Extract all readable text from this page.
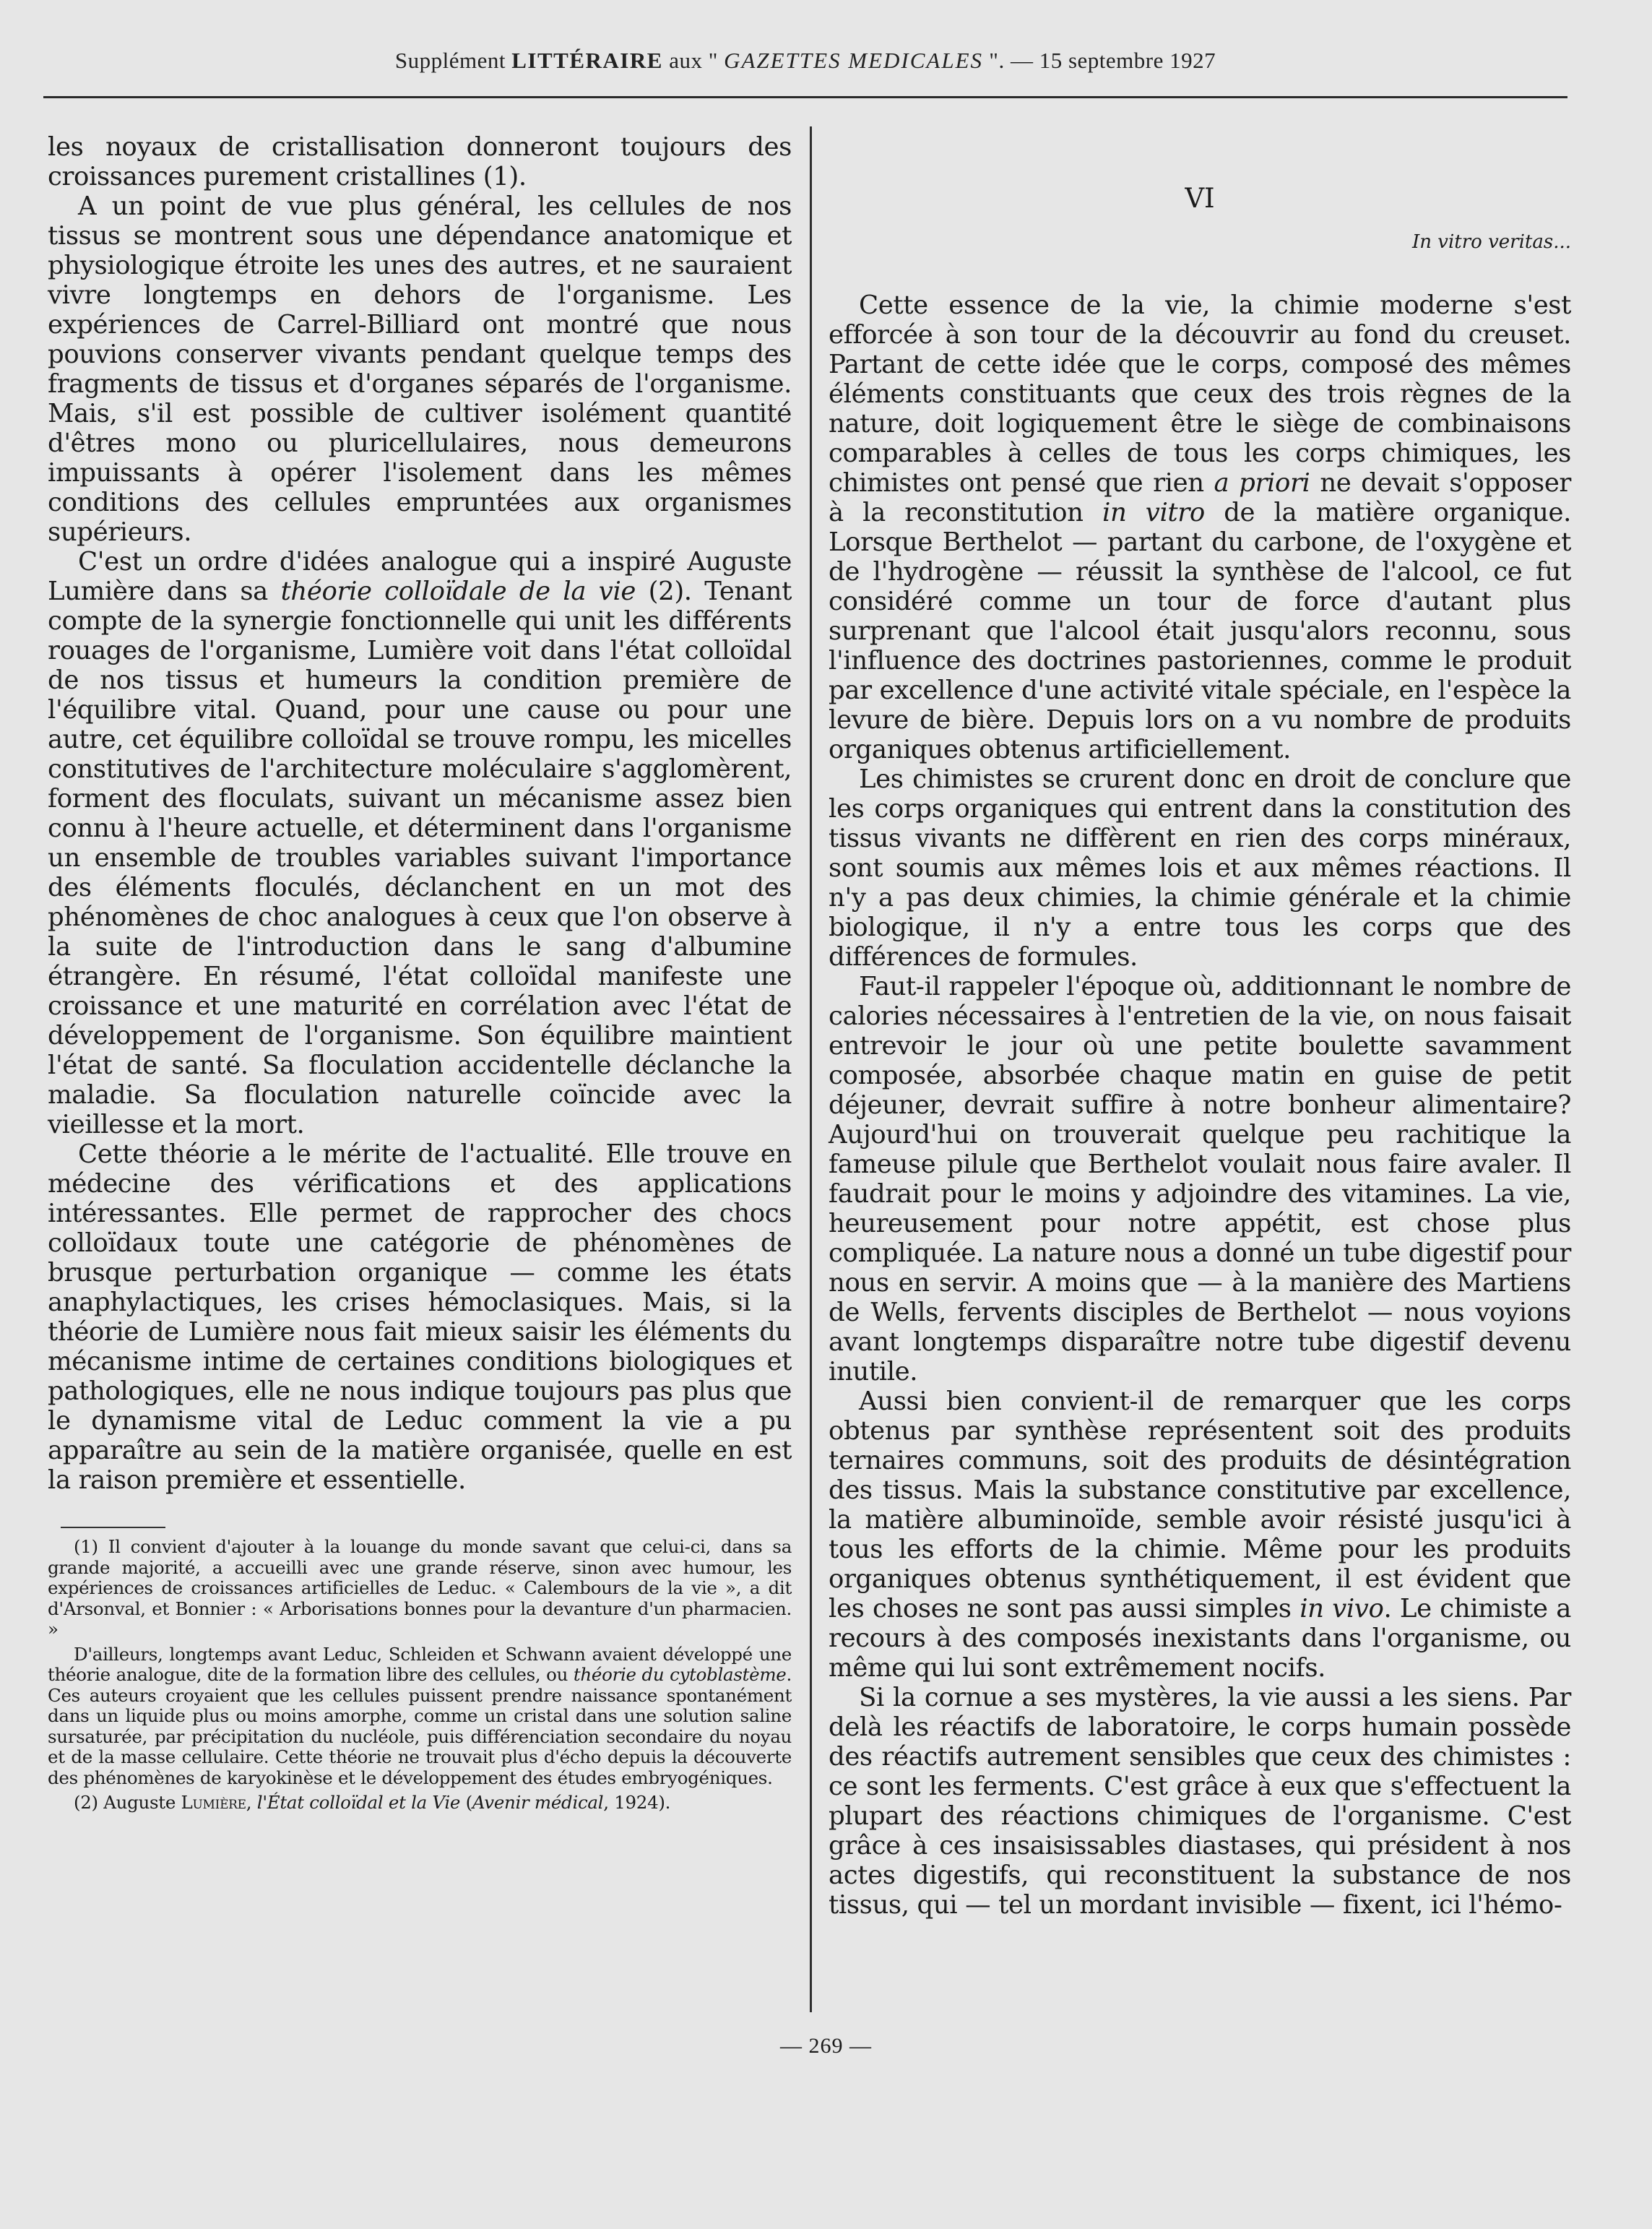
Supplément LITTÉRAIRE aux " GAZETTES MEDICALES ". — 15 septembre 1927

les noyaux de cristallisation donneront toujours des croissances purement cristallines (1).

A un point de vue plus général, les cellules de nos tissus se montrent sous une dépendance anatomique et physiologique étroite les unes des autres, et ne sauraient vivre longtemps en dehors de l'organisme. Les expériences de Carrel-Billiard ont montré que nous pouvions conserver vivants pendant quelque temps des fragments de tissus et d'organes séparés de l'organisme. Mais, s'il est possible de cultiver isolément quantité d'êtres mono ou pluricellulaires, nous demeurons impuissants à opérer l'isolement dans les mêmes conditions des cellules empruntées aux organismes supérieurs.

C'est un ordre d'idées analogue qui a inspiré Auguste Lumière dans sa théorie colloïdale de la vie (2). Tenant compte de la synergie fonctionnelle qui unit les différents rouages de l'organisme, Lumière voit dans l'état colloïdal de nos tissus et humeurs la condition première de l'équilibre vital. Quand, pour une cause ou pour une autre, cet équilibre colloïdal se trouve rompu, les micelles constitutives de l'architecture moléculaire s'agglomèrent, forment des floculats, suivant un mécanisme assez bien connu à l'heure actuelle, et déterminent dans l'organisme un ensemble de troubles variables suivant l'importance des éléments floculés, déclanchent en un mot des phénomènes de choc analogues à ceux que l'on observe à la suite de l'introduction dans le sang d'albumine étrangère. En résumé, l'état colloïdal manifeste une croissance et une maturité en corrélation avec l'état de développement de l'organisme. Son équilibre maintient l'état de santé. Sa floculation accidentelle déclanche la maladie. Sa floculation naturelle coïncide avec la vieillesse et la mort.

Cette théorie a le mérite de l'actualité. Elle trouve en médecine des vérifications et des applications intéressantes. Elle permet de rapprocher des chocs colloïdaux toute une catégorie de phénomènes de brusque perturbation organique — comme les états anaphylactiques, les crises hémoclasiques. Mais, si la théorie de Lumière nous fait mieux saisir les éléments du mécanisme intime de certaines conditions biologiques et pathologiques, elle ne nous indique toujours pas plus que le dynamisme vital de Leduc comment la vie a pu apparaître au sein de la matière organisée, quelle en est la raison première et essentielle.

(1) Il convient d'ajouter à la louange du monde savant que celui-ci, dans sa grande majorité, a accueilli avec une grande réserve, sinon avec humour, les expériences de croissances artificielles de Leduc. « Calembours de la vie », a dit d'Arsonval, et Bonnier : « Arborisations bonnes pour la devanture d'un pharmacien. »

D'ailleurs, longtemps avant Leduc, Schleiden et Schwann avaient développé une théorie analogue, dite de la formation libre des cellules, ou théorie du cytoblastème. Ces auteurs croyaient que les cellules puissent prendre naissance spontanément dans un liquide plus ou moins amorphe, comme un cristal dans une solution saline sursaturée, par précipitation du nucléole, puis différenciation secondaire du noyau et de la masse cellulaire. Cette théorie ne trouvait plus d'écho depuis la découverte des phénomènes de karyokinèse et le développement des études embryogéniques.

(2) Auguste Lumière, l'État colloïdal et la Vie (Avenir médical, 1924).

VI
In vitro veritas...

Cette essence de la vie, la chimie moderne s'est efforcée à son tour de la découvrir au fond du creuset. Partant de cette idée que le corps, composé des mêmes éléments constituants que ceux des trois règnes de la nature, doit logiquement être le siège de combinaisons comparables à celles de tous les corps chimiques, les chimistes ont pensé que rien a priori ne devait s'opposer à la reconstitution in vitro de la matière organique. Lorsque Berthelot — partant du carbone, de l'oxygène et de l'hydrogène — réussit la synthèse de l'alcool, ce fut considéré comme un tour de force d'autant plus surprenant que l'alcool était jusqu'alors reconnu, sous l'influence des doctrines pastoriennes, comme le produit par excellence d'une activité vitale spéciale, en l'espèce la levure de bière. Depuis lors on a vu nombre de produits organiques obtenus artificiellement.

Les chimistes se crurent donc en droit de conclure que les corps organiques qui entrent dans la constitution des tissus vivants ne diffèrent en rien des corps minéraux, sont soumis aux mêmes lois et aux mêmes réactions. Il n'y a pas deux chimies, la chimie générale et la chimie biologique, il n'y a entre tous les corps que des différences de formules.

Faut-il rappeler l'époque où, additionnant le nombre de calories nécessaires à l'entretien de la vie, on nous faisait entrevoir le jour où une petite boulette savamment composée, absorbée chaque matin en guise de petit déjeuner, devrait suffire à notre bonheur alimentaire? Aujourd'hui on trouverait quelque peu rachitique la fameuse pilule que Berthelot voulait nous faire avaler. Il faudrait pour le moins y adjoindre des vitamines. La vie, heureusement pour notre appétit, est chose plus compliquée. La nature nous a donné un tube digestif pour nous en servir. A moins que — à la manière des Martiens de Wells, fervents disciples de Berthelot — nous voyions avant longtemps disparaître notre tube digestif devenu inutile.

Aussi bien convient-il de remarquer que les corps obtenus par synthèse représentent soit des produits ternaires communs, soit des produits de désintégration des tissus. Mais la substance constitutive par excellence, la matière albuminoïde, semble avoir résisté jusqu'ici à tous les efforts de la chimie. Même pour les produits organiques obtenus synthétiquement, il est évident que les choses ne sont pas aussi simples in vivo. Le chimiste a recours à des composés inexistants dans l'organisme, ou même qui lui sont extrêmement nocifs.

Si la cornue a ses mystères, la vie aussi a les siens. Par delà les réactifs de laboratoire, le corps humain possède des réactifs autrement sensibles que ceux des chimistes : ce sont les ferments. C'est grâce à eux que s'effectuent la plupart des réactions chimiques de l'organisme. C'est grâce à ces insaisissables diastases, qui président à nos actes digestifs, qui reconstituent la substance de nos tissus, qui — tel un mordant invisible — fixent, ici l'hémo-

— 269 —
